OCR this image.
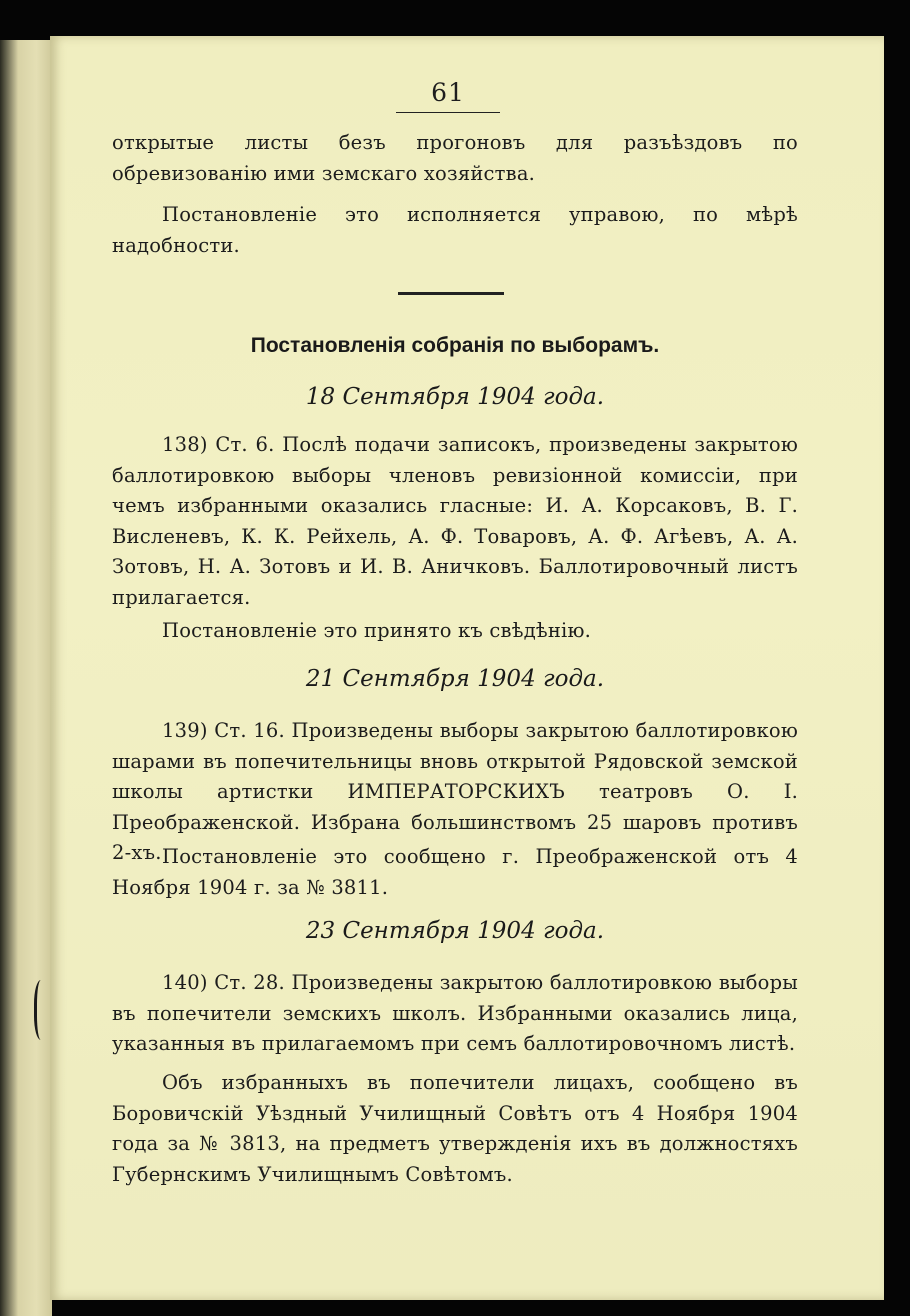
61
открытые листы безъ прогоновъ для разъѣздовъ по обревизованію ими земскаго хозяйства.
Постановленіе это исполняется управою, по мѣрѣ надобности.
Постановленія собранія по выборамъ.
18 Сентября 1904 года.
138) Ст. 6. Послѣ подачи записокъ, произведены закрытою баллотировкою выборы членовъ ревизіонной комиссіи, при чемъ избранными оказались гласные: И. А. Корсаковъ, В. Г. Висленевъ, К. К. Рейхель, А. Ф. Товаровъ, А. Ф. Агѣевъ, А. А. Зотовъ, Н. А. Зотовъ и И. В. Аничковъ. Баллотировочный листъ прилагается.
Постановленіе это принято къ свѣдѣнію.
21 Сентября 1904 года.
139) Ст. 16. Произведены выборы закрытою баллотировкою шарами въ попечительницы вновь открытой Рядовской земской школы артистки ИМПЕРАТОРСКИХЪ театровъ О. І. Преображенской. Избрана большинствомъ 25 шаровъ противъ 2-хъ. Постановленіе это сообщено г. Преображенской отъ 4 Ноября 1904 г. за № 3811.
23 Сентября 1904 года.
140) Ст. 28. Произведены закрытою баллотировкою выборы въ попечители земскихъ школъ. Избранными оказались лица, указанныя въ прилагаемомъ при семъ баллотировочномъ листѣ.
Объ избранныхъ въ попечители лицахъ, сообщено въ Боровичскій Уѣздный Училищный Совѣтъ отъ 4 Ноября 1904 года за № 3813, на предметъ утвержденія ихъ въ должностяхъ Губернскимъ Училищнымъ Совѣтомъ.
